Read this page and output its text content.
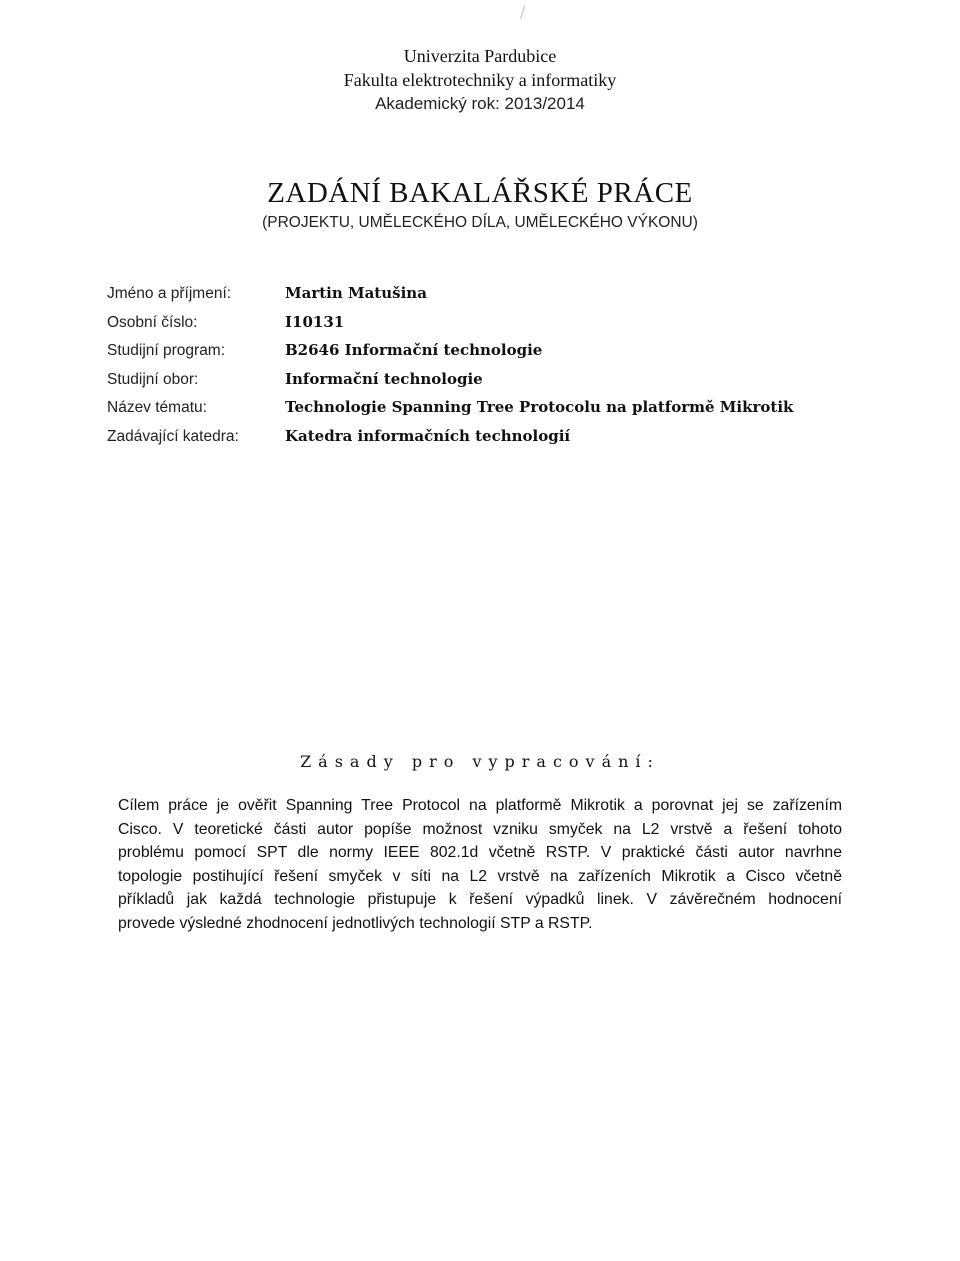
/
Univerzita Pardubice
Fakulta elektrotechniky a informatiky
Akademický rok: 2013/2014
ZADÁNÍ BAKALÁŘSKÉ PRÁCE
(PROJEKTU, UMĚLECKÉHO DÍLA, UMĚLECKÉHO VÝKONU)
Jméno a příjmení:	Martin Matušina
Osobní číslo:	I10131
Studijní program:	B2646 Informační technologie
Studijní obor:	Informační technologie
Název tématu:	Technologie Spanning Tree Protocolu na platformě Mikrotik
Zadávající katedra:	Katedra informačních technologií
Zásady pro vypracování:
Cílem práce je ověřit Spanning Tree Protocol na platformě Mikrotik a porovnat jej se zařízením
Cisco. V teoretické části autor popíše možnost vzniku smyček na L2 vrstvě a řešení tohoto
problému pomocí SPT dle normy IEEE 802.1d včetně RSTP. V praktické části autor navrhne
topologie postihující řešení smyček v síti na L2 vrstvě na zařízeních Mikrotik a Cisco včetně
příkladů jak každá technologie přistupuje k řešení výpadků linek. V závěrečném hodnocení
provede výsledné zhodnocení jednotlivých technologií STP a RSTP.
